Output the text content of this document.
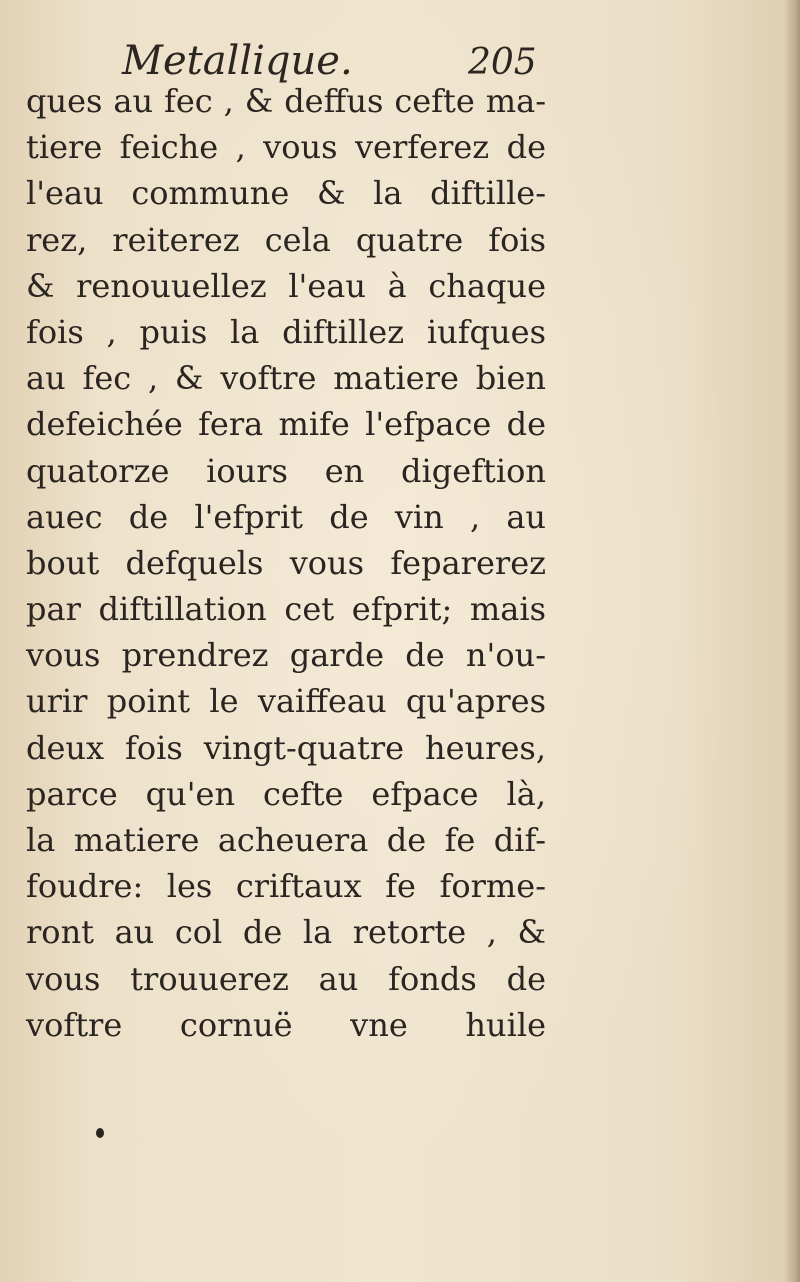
Metallique.	205
ques au fec , & deffus cefte ma-
tiere feiche , vous verferez de
l'eau commune & la diftille-
rez, reiterez cela quatre fois
& renouuellez l'eau à chaque
fois , puis la diftillez iufques
au fec , & voftre matiere bien
defeichée fera mife l'efpace de
quatorze iours en digeftion
auec de l'efprit de vin , au
bout defquels vous feparerez
par diftillation cet efprit; mais
vous prendrez garde de n'ou-
urir point le vaiffeau qu'apres
deux fois vingt-quatre heures,
parce qu'en cefte efpace là,
la matiere acheuera de fe dif-
foudre: les criftaux fe forme-
ront au col de la retorte , &
vous trouuerez au fonds de
voftre cornuë vne huile
